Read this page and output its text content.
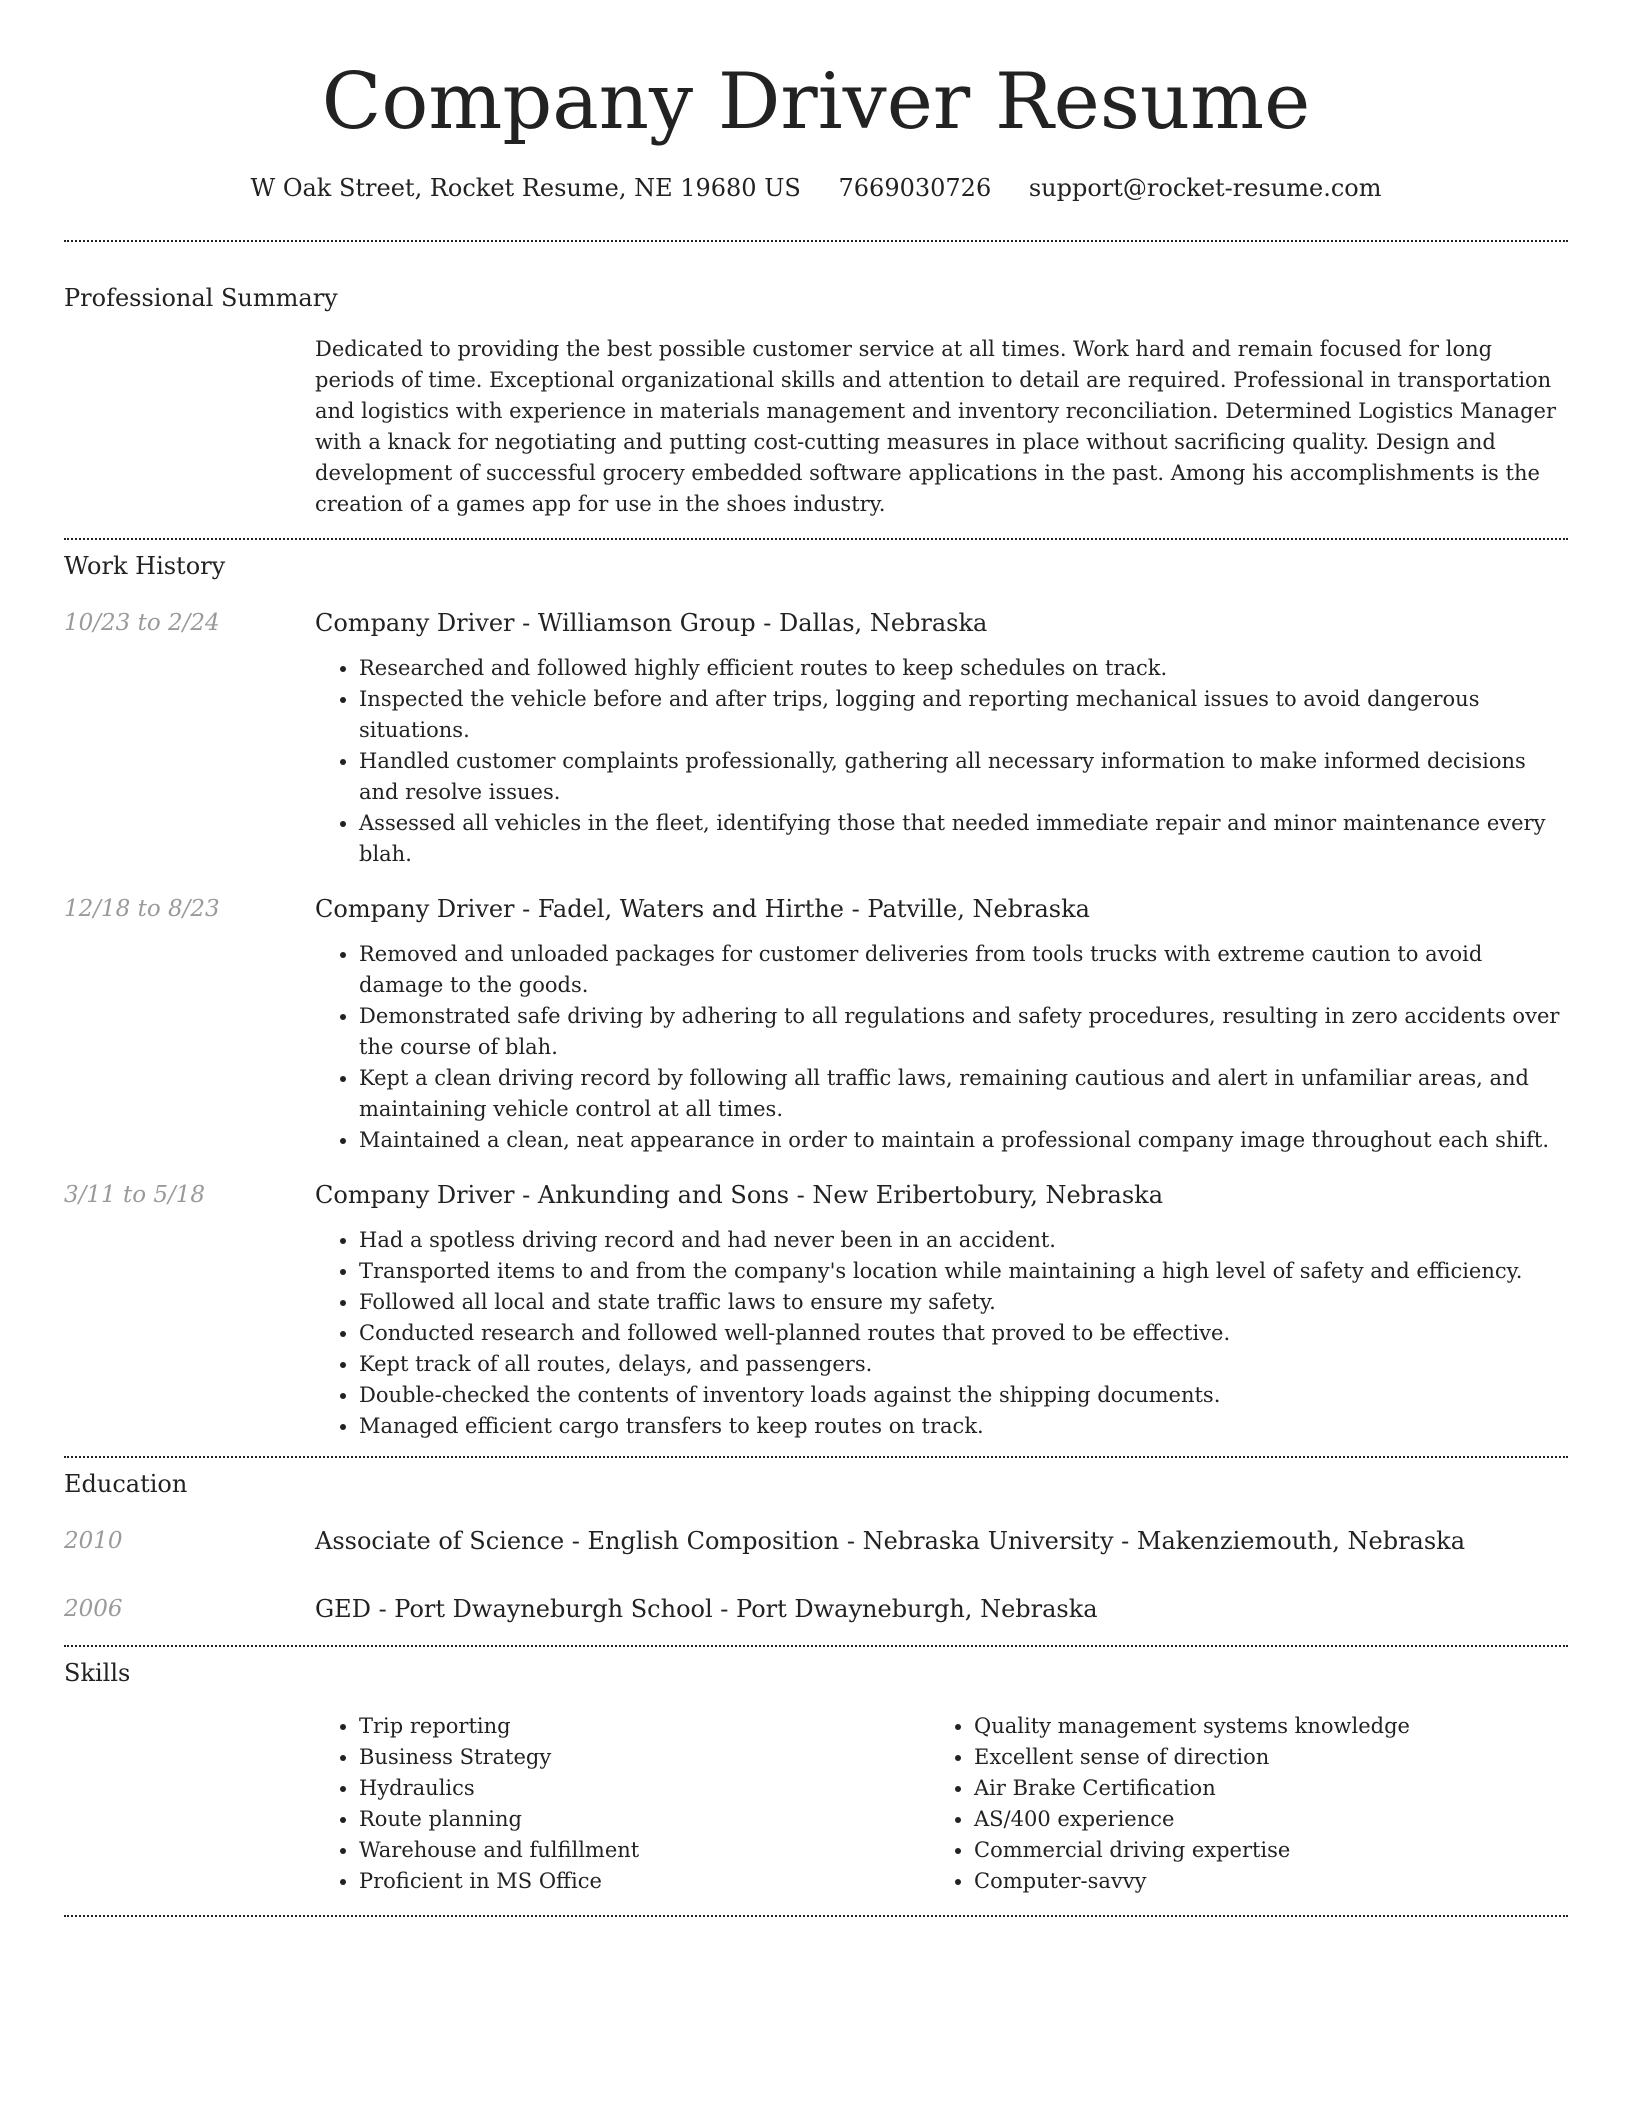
Company Driver Resume
W Oak Street, Rocket Resume, NE 19680 US 7669030726 support@rocket-resume.com
Professional Summary

Dedicated to providing the best possible customer service at all times. Work hard and remain focused for long periods of time. Exceptional organizational skills and attention to detail are required. Professional in transportation and logistics with experience in materials management and inventory reconciliation. Determined Logistics Manager with a knack for negotiating and putting cost-cutting measures in place without sacrificing quality. Design and development of successful grocery embedded software applications in the past. Among his accomplishments is the creation of a games app for use in the shoes industry.

Work History
10/23 to 2/24	Company Driver - Williamson Group - Dallas, Nebraska
• Researched and followed highly efficient routes to keep schedules on track.
• Inspected the vehicle before and after trips, logging and reporting mechanical issues to avoid dangerous situations.
• Handled customer complaints professionally, gathering all necessary information to make informed decisions and resolve issues.
• Assessed all vehicles in the fleet, identifying those that needed immediate repair and minor maintenance every blah.
12/18 to 8/23	Company Driver - Fadel, Waters and Hirthe - Patville, Nebraska
• Removed and unloaded packages for customer deliveries from tools trucks with extreme caution to avoid damage to the goods.
• Demonstrated safe driving by adhering to all regulations and safety procedures, resulting in zero accidents over the course of blah.
• Kept a clean driving record by following all traffic laws, remaining cautious and alert in unfamiliar areas, and maintaining vehicle control at all times.
• Maintained a clean, neat appearance in order to maintain a professional company image throughout each shift.
3/11 to 5/18	Company Driver - Ankunding and Sons - New Eribertobury, Nebraska
• Had a spotless driving record and had never been in an accident.
• Transported items to and from the company's location while maintaining a high level of safety and efficiency.
• Followed all local and state traffic laws to ensure my safety.
• Conducted research and followed well-planned routes that proved to be effective.
• Kept track of all routes, delays, and passengers.
• Double-checked the contents of inventory loads against the shipping documents.
• Managed efficient cargo transfers to keep routes on track.
Education
2010	Associate of Science - English Composition - Nebraska University - Makenziemouth, Nebraska
2006	GED - Port Dwayneburgh School - Port Dwayneburgh, Nebraska
Skills
• Trip reporting
• Business Strategy
• Hydraulics
• Route planning
• Warehouse and fulfillment
• Proficient in MS Office
• Quality management systems knowledge
• Excellent sense of direction
• Air Brake Certification
• AS/400 experience
• Commercial driving expertise
• Computer-savvy
